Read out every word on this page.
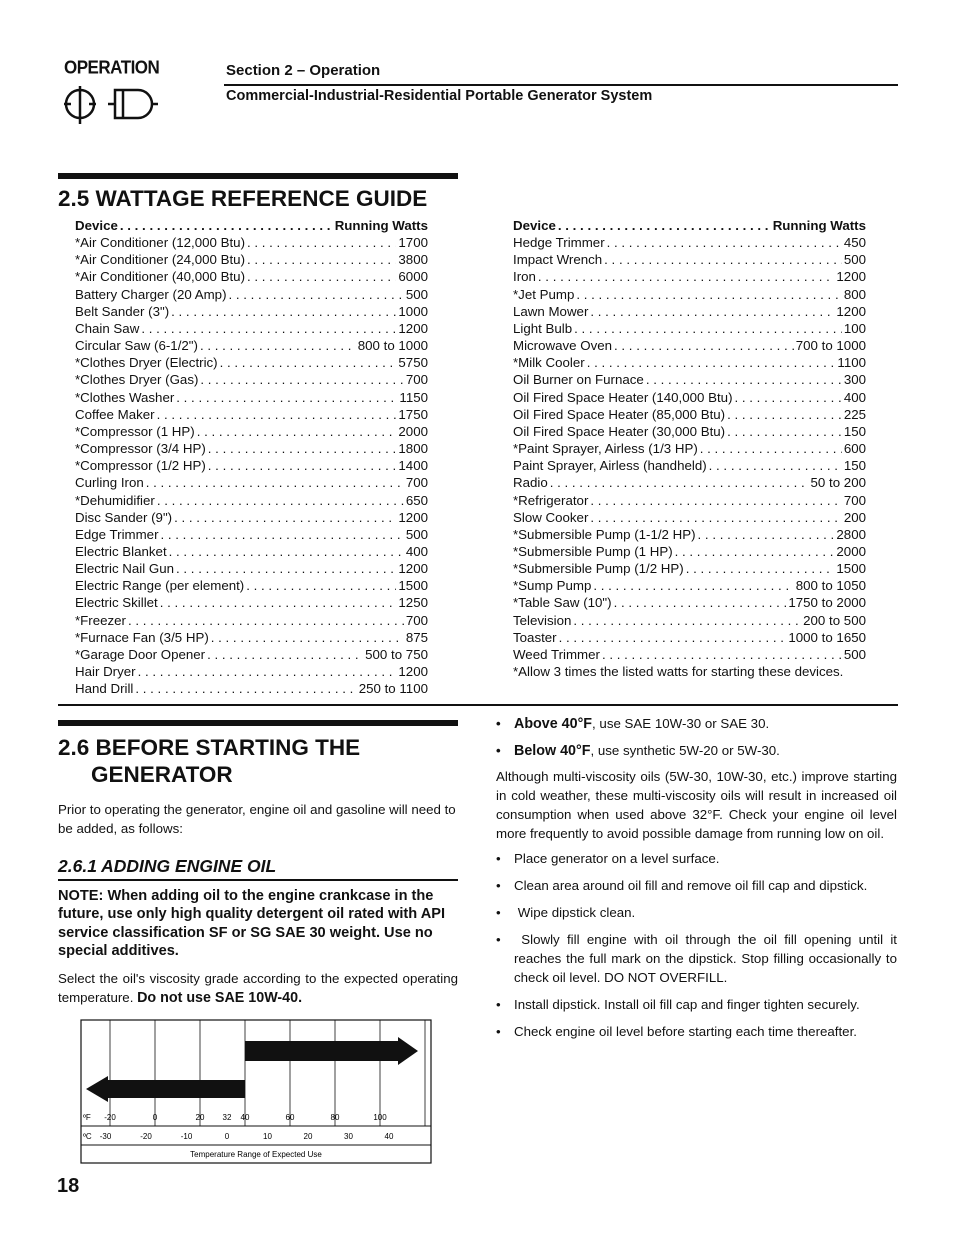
OPERATION	Section 2 – Operation
Commercial-Industrial-Residential Portable Generator System
2.5 WATTAGE REFERENCE GUIDE
Device . . .	Running Watts
*Air Conditioner (12,000 Btu) . . .	1700
*Air Conditioner (24,000 Btu) . . .	3800
*Air Conditioner (40,000 Btu) . . .	6000
Battery Charger (20 Amp) . . .	500
Belt Sander (3") . . .	1000
Chain Saw . . .	1200
Circular Saw (6-1/2") . . .	800 to 1000
*Clothes Dryer (Electric) . . .	5750
*Clothes Dryer (Gas) . . .	700
*Clothes Washer . . .	1150
Coffee Maker . . .	1750
*Compressor (1 HP) . . .	2000
*Compressor (3/4 HP) . . .	1800
*Compressor (1/2 HP) . . .	1400
Curling Iron . . .	700
*Dehumidifier . . .	650
Disc Sander (9") . . .	1200
Edge Trimmer . . .	500
Electric Blanket . . .	400
Electric Nail Gun . . .	1200
Electric Range (per element) . . .	1500
Electric Skillet . . .	1250
*Freezer . . .	700
*Furnace Fan (3/5 HP) . . .	875
*Garage Door Opener . . .	500 to 750
Hair Dryer . . .	1200
Hand Drill . . .	250 to 1100
Device . . .	Running Watts
Hedge Trimmer . . .	450
Impact Wrench . . .	500
Iron . . .	1200
*Jet Pump . . .	800
Lawn Mower . . .	1200
Light Bulb . . .	100
Microwave Oven . . .	700 to 1000
*Milk Cooler . . .	1100
Oil Burner on Furnace . . .	300
Oil Fired Space Heater (140,000 Btu) . . .	400
Oil Fired Space Heater (85,000 Btu) . . .	225
Oil Fired Space Heater (30,000 Btu) . . .	150
*Paint Sprayer, Airless (1/3 HP) . . .	600
Paint Sprayer, Airless (handheld) . . .	150
Radio . . .	50 to 200
*Refrigerator . . .	700
Slow Cooker . . .	200
*Submersible Pump (1-1/2 HP) . . .	2800
*Submersible Pump (1 HP) . . .	2000
*Submersible Pump (1/2 HP) . . .	1500
*Sump Pump . . .	800 to 1050
*Table Saw (10") . . .	1750 to 2000
Television . . .	200 to 500
Toaster . . .	1000 to 1650
Weed Trimmer . . .	500
*Allow 3 times the listed watts for starting these devices.
2.6 BEFORE STARTING THE
GENERATOR
Prior to operating the generator, engine oil and gasoline will need to be added, as follows:
2.6.1 ADDING ENGINE OIL
NOTE: When adding oil to the engine crankcase in the future, use only high quality detergent oil rated with API service classification SF or SG SAE 30 weight. Use no special additives.
Select the oil's viscosity grade according to the expected operating temperature. Do not use SAE 10W-40.
ºF -20	0	20 32 40	60	80	100
ºC -30	-20	-10	0	10	20	30	40
Temperature Range of Expected Use
• Above 40°F, use SAE 10W-30 or SAE 30.
• Below 40°F, use synthetic 5W-20 or 5W-30.
Although multi-viscosity oils (5W-30, 10W-30, etc.) improve starting in cold weather, these multi-viscosity oils will result in increased oil consumption when used above 32°F. Check your engine oil level more frequently to avoid possible damage from running low on oil.
•	Place generator on a level surface.
•	Clean area around oil fill and remove oil fill cap and dipstick.
•	Wipe dipstick clean.
•	Slowly fill engine with oil through the oil fill opening until it reaches the full mark on the dipstick. Stop filling occasionally to check oil level. DO NOT OVERFILL.
•	Install dipstick. Install oil fill cap and finger tighten securely.
•	Check engine oil level before starting each time thereafter.
18
